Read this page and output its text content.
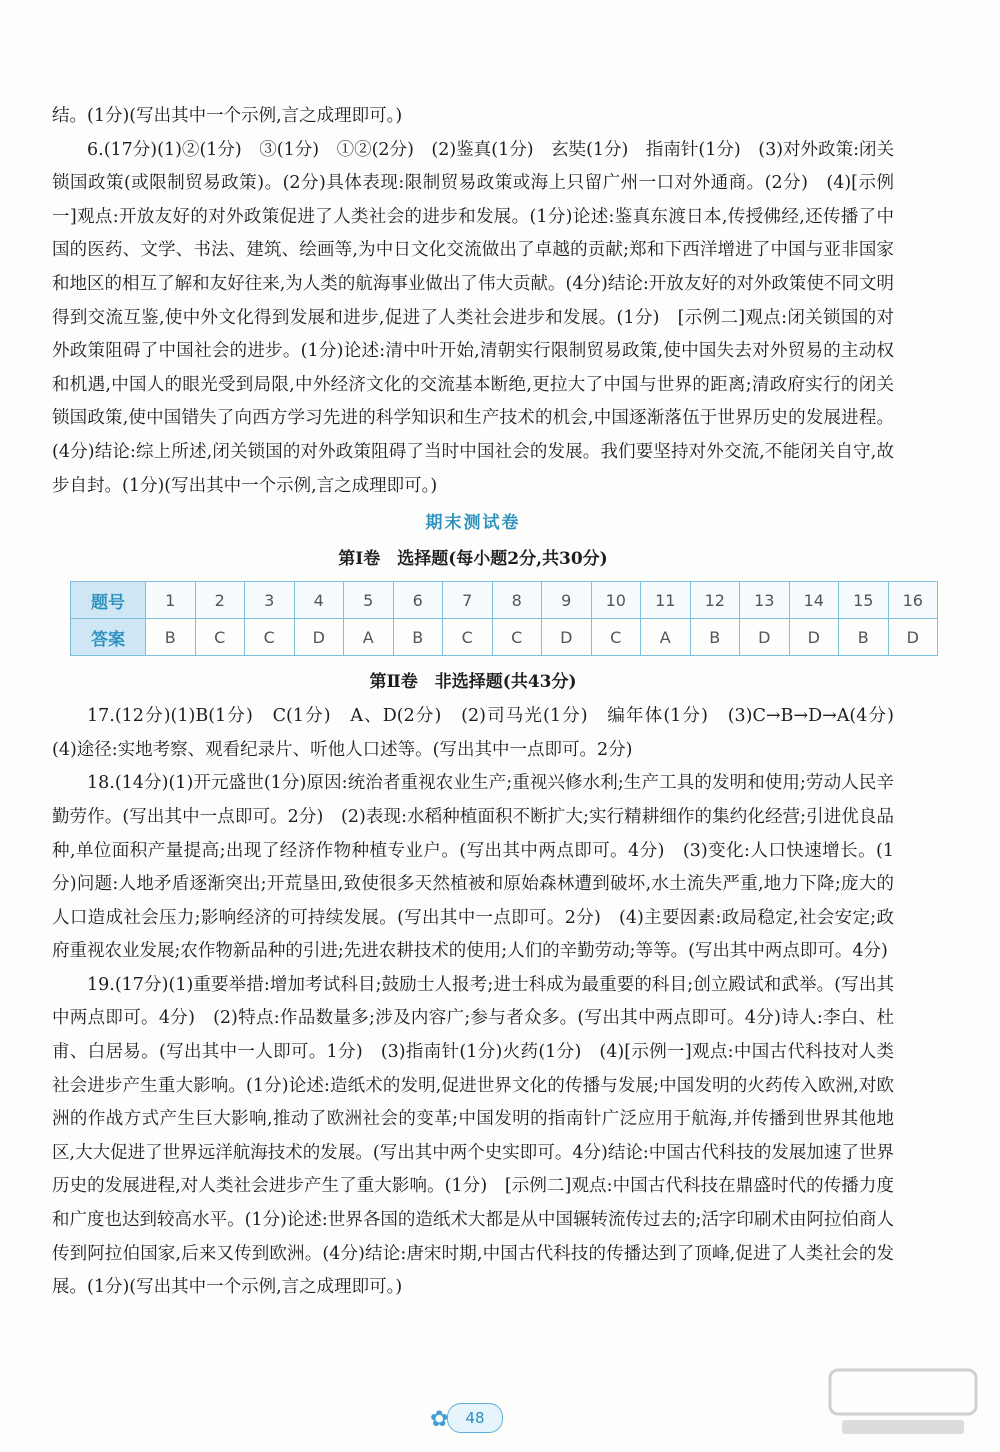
结。(1分)(写出其中一个示例,言之成理即可。)

6.(17分)(1)②(1分)　③(1分)　①②(2分)　(2)鉴真(1分)　玄奘(1分)　指南针(1分)　(3)对外政策:闭关锁国政策(或限制贸易政策)。(2分)具体表现:限制贸易政策或海上只留广州一口对外通商。(2分)　(4)[示例一]观点:开放友好的对外政策促进了人类社会的进步和发展。(1分)论述:鉴真东渡日本,传授佛经,还传播了中国的医药、文学、书法、建筑、绘画等,为中日文化交流做出了卓越的贡献;郑和下西洋增进了中国与亚非国家和地区的相互了解和友好往来,为人类的航海事业做出了伟大贡献。(4分)结论:开放友好的对外政策使不同文明得到交流互鉴,使中外文化得到发展和进步,促进了人类社会进步和发展。(1分)　[示例二]观点:闭关锁国的对外政策阻碍了中国社会的进步。(1分)论述:清中叶开始,清朝实行限制贸易政策,使中国失去对外贸易的主动权和机遇,中国人的眼光受到局限,中外经济文化的交流基本断绝,更拉大了中国与世界的距离;清政府实行的闭关锁国政策,使中国错失了向西方学习先进的科学知识和生产技术的机会,中国逐渐落伍于世界历史的发展进程。(4分)结论:综上所述,闭关锁国的对外政策阻碍了当时中国社会的发展。我们要坚持对外交流,不能闭关自守,故步自封。(1分)(写出其中一个示例,言之成理即可。)

期末测试卷

第Ⅰ卷　选择题(每小题2分,共30分)

题号	1	2	3	4	5	6	7	8	9	10	11	12	13	14	15	16
答案	B	C	C	D	A	B	C	C	D	C	A	B	D	D	B	D

第Ⅱ卷　非选择题(共43分)

17.(12分)(1)B(1分)　C(1分)　A、D(2分)　(2)司马光(1分)　编年体(1分)　(3)C→B→D→A(4分)　(4)途径:实地考察、观看纪录片、听他人口述等。(写出其中一点即可。2分)

18.(14分)(1)开元盛世(1分)原因:统治者重视农业生产;重视兴修水利;生产工具的发明和使用;劳动人民辛勤劳作。(写出其中一点即可。2分)　(2)表现:水稻种植面积不断扩大;实行精耕细作的集约化经营;引进优良品种,单位面积产量提高;出现了经济作物种植专业户。(写出其中两点即可。4分)　(3)变化:人口快速增长。(1分)问题:人地矛盾逐渐突出;开荒垦田,致使很多天然植被和原始森林遭到破坏,水土流失严重,地力下降;庞大的人口造成社会压力;影响经济的可持续发展。(写出其中一点即可。2分)　(4)主要因素:政局稳定,社会安定;政府重视农业发展;农作物新品种的引进;先进农耕技术的使用;人们的辛勤劳动;等等。(写出其中两点即可。4分)

19.(17分)(1)重要举措:增加考试科目;鼓励士人报考;进士科成为最重要的科目;创立殿试和武举。(写出其中两点即可。4分)　(2)特点:作品数量多;涉及内容广;参与者众多。(写出其中两点即可。4分)诗人:李白、杜甫、白居易。(写出其中一人即可。1分)　(3)指南针(1分)火药(1分)　(4)[示例一]观点:中国古代科技对人类社会进步产生重大影响。(1分)论述:造纸术的发明,促进世界文化的传播与发展;中国发明的火药传入欧洲,对欧洲的作战方式产生巨大影响,推动了欧洲社会的变革;中国发明的指南针广泛应用于航海,并传播到世界其他地区,大大促进了世界远洋航海技术的发展。(写出其中两个史实即可。4分)结论:中国古代科技的发展加速了世界历史的发展进程,对人类社会进步产生了重大影响。(1分)　[示例二]观点:中国古代科技在鼎盛时代的传播力度和广度也达到较高水平。(1分)论述:世界各国的造纸术大都是从中国辗转流传过去的;活字印刷术由阿拉伯商人传到阿拉伯国家,后来又传到欧洲。(4分)结论:唐宋时期,中国古代科技的传播达到了顶峰,促进了人类社会的发展。(1分)(写出其中一个示例,言之成理即可。)

✿	48
